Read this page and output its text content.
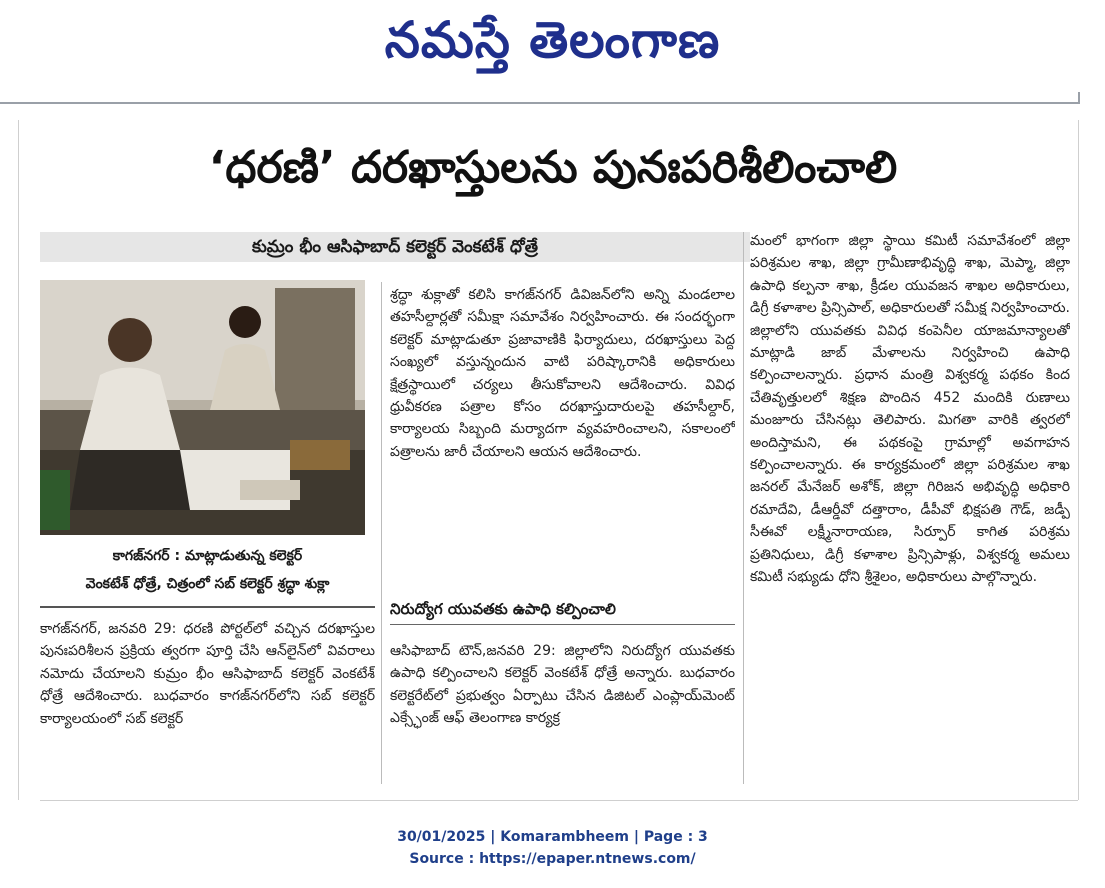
నమస్తే తెలంగాణ
‘ధరణి’ దరఖాస్తులను పునఃపరిశీలించాలి
కుమ్రం భీం ఆసిఫాబాద్ కలెక్టర్ వెంకటేశ్ ధోత్రే
కాగజ్‌నగర్ : మాట్లాడుతున్న కలెక్టర్
వెంకటేశ్ ధోత్రే, చిత్రంలో సబ్ కలెక్టర్ శ్రద్ధా శుక్లా
కాగజ్‌నగర్, జనవరి 29: ధరణి పోర్టల్‌లో వచ్చిన దరఖాస్తుల పునఃపరిశీలన ప్రక్రియ త్వరగా పూర్తి చేసి ఆన్‌లైన్‌లో వివరాలు నమోదు చేయాలని కుమ్రం భీం ఆసిఫాబాద్ కలెక్టర్ వెంకటేశ్ ధోత్రే ఆదేశించారు. బుధవారం కాగజ్‌నగర్‌లోని సబ్ కలెక్టర్ కార్యాలయంలో సబ్ కలెక్టర్
శ్రద్ధా శుక్లాతో కలిసి కాగజ్‌నగర్ డివిజన్‌లోని అన్ని మండలాల తహసీల్దార్లతో సమీక్షా సమావేశం నిర్వహించారు. ఈ సందర్భంగా కలెక్టర్ మాట్లాడుతూ ప్రజావాణికి ఫిర్యాదులు, దరఖాస్తులు పెద్ద సంఖ్యలో వస్తున్నందున వాటి పరిష్కారానికి అధికారులు క్షేత్రస్థాయిలో చర్యలు తీసుకోవాలని ఆదేశించారు. వివిధ ధ్రువీకరణ పత్రాల కోసం దరఖాస్తుదారులపై తహసీల్దార్, కార్యాలయ సిబ్బంది మర్యాదగా వ్యవహరించాలని, సకాలంలో పత్రాలను జారీ చేయాలని ఆయన ఆదేశించారు.
నిరుద్యోగ యువతకు ఉపాధి కల్పించాలి
ఆసిఫాబాద్ టౌన్,జనవరి 29: జిల్లాలోని నిరుద్యోగ యువతకు ఉపాధి కల్పించాలని కలెక్టర్ వెంకటేశ్ ధోత్రే అన్నారు. బుధవారం కలెక్టరేట్‌లో ప్రభుత్వం ఏర్పాటు చేసిన డిజిటల్ ఎంప్లాయ్‌మెంట్ ఎక్స్ఛేంజ్ ఆఫ్ తెలంగాణ కార్యక్ర
మంలో భాగంగా జిల్లా స్థాయి కమిటీ సమావేశంలో జిల్లా పరిశ్రమల శాఖ, జిల్లా గ్రామీణాభివృద్ధి శాఖ, మెప్మా, జిల్లా ఉపాధి కల్పనా శాఖ, క్రీడల యువజన శాఖల అధికారులు, డిగ్రీ కళాశాల ప్రిన్సిపాల్, అధికారులతో సమీక్ష నిర్వహించారు. జిల్లాలోని యువతకు వివిధ కంపెనీల యాజమాన్యాలతో మాట్లాడి జాబ్ మేళాలను నిర్వహించి ఉపాధి కల్పించాలన్నారు. ప్రధాన మంత్రి విశ్వకర్మ పథకం కింద చేతివృత్తులలో శిక్షణ పొందిన 452 మందికి రుణాలు మంజూరు చేసినట్లు తెలిపారు. మిగతా వారికి త్వరలో అందిస్తామని, ఈ పథకంపై గ్రామాల్లో అవగాహన కల్పించాలన్నారు. ఈ కార్యక్రమంలో జిల్లా పరిశ్రమల శాఖ జనరల్ మేనేజర్ అశోక్, జిల్లా గిరిజన అభివృద్ధి అధికారి రమాదేవి, డీఆర్డీవో దత్తారాం, డీపీవో భిక్షపతి గౌడ్, జడ్పీ సీఈవో లక్ష్మీనారాయణ, సిర్పూర్ కాగిత పరిశ్రమ ప్రతినిధులు, డిగ్రీ కళాశాల ప్రిన్సిపాళ్లు, విశ్వకర్మ అమలు కమిటీ సభ్యుడు ధోని శ్రీశైలం, అధికారులు పాల్గొన్నారు.
30/01/2025 | Komarambheem | Page : 3
Source : https://epaper.ntnews.com/
